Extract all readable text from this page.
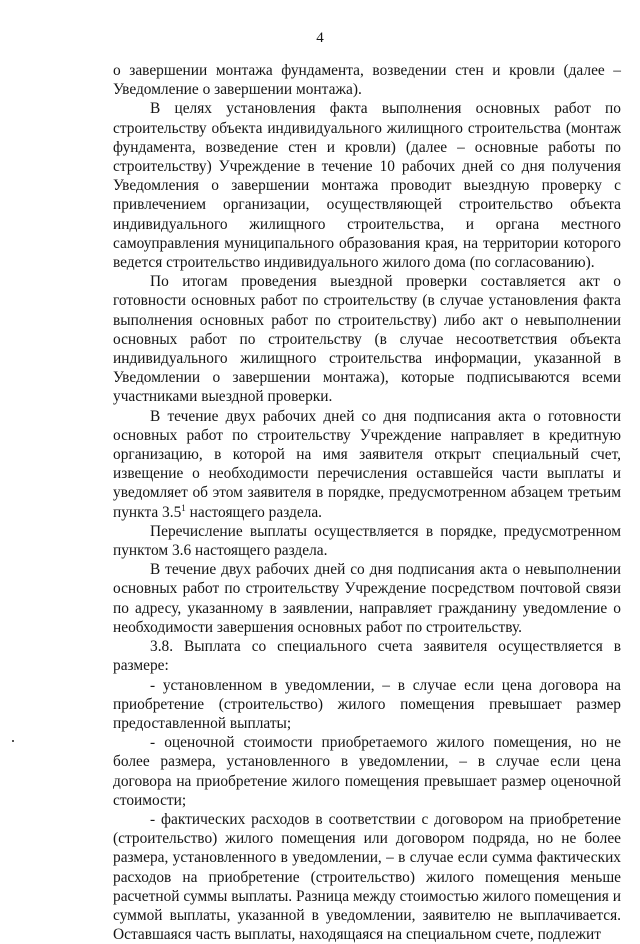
4

о завершении монтажа фундамента, возведении стен и кровли (далее – Уведомление о завершении монтажа).

В целях установления факта выполнения основных работ по строительству объекта индивидуального жилищного строительства (монтаж фундамента, возведение стен и кровли) (далее – основные работы по строительству) Учреждение в течение 10 рабочих дней со дня получения Уведомления о завершении монтажа проводит выездную проверку с привлечением организации, осуществляющей строительство объекта индивидуального жилищного строительства, и органа местного самоуправления муниципального образования края, на территории которого ведется строительство индивидуального жилого дома (по согласованию).

По итогам проведения выездной проверки составляется акт о готовности основных работ по строительству (в случае установления факта выполнения основных работ по строительству) либо акт о невыполнении основных работ по строительству (в случае несоответствия объекта индивидуального жилищного строительства информации, указанной в Уведомлении о завершении монтажа), которые подписываются всеми участниками выездной проверки.

В течение двух рабочих дней со дня подписания акта о готовности основных работ по строительству Учреждение направляет в кредитную организацию, в которой на имя заявителя открыт специальный счет, извещение о необходимости перечисления оставшейся части выплаты и уведомляет об этом заявителя в порядке, предусмотренном абзацем третьим пункта $3.5^1$ настоящего раздела.

Перечисление выплаты осуществляется в порядке, предусмотренном пунктом 3.6 настоящего раздела.

В течение двух рабочих дней со дня подписания акта о невыполнении основных работ по строительству Учреждение посредством почтовой связи по адресу, указанному в заявлении, направляет гражданину уведомление о необходимости завершения основных работ по строительству.

3.8. Выплата со специального счета заявителя осуществляется в размере:

- установленном в уведомлении, – в случае если цена договора на приобретение (строительство) жилого помещения превышает размер предоставленной выплаты;

- оценочной стоимости приобретаемого жилого помещения, но не более размера, установленного в уведомлении, – в случае если цена договора на приобретение жилого помещения превышает размер оценочной стоимости;

- фактических расходов в соответствии с договором на приобретение (строительство) жилого помещения или договором подряда, но не более размера, установленного в уведомлении, – в случае если сумма фактических расходов на приобретение (строительство) жилого помещения меньше расчетной суммы выплаты. Разница между стоимостью жилого помещения и суммой выплаты, указанной в уведомлении, заявителю не выплачивается. Оставшаяся часть выплаты, находящаяся на специальном счете, подлежит
